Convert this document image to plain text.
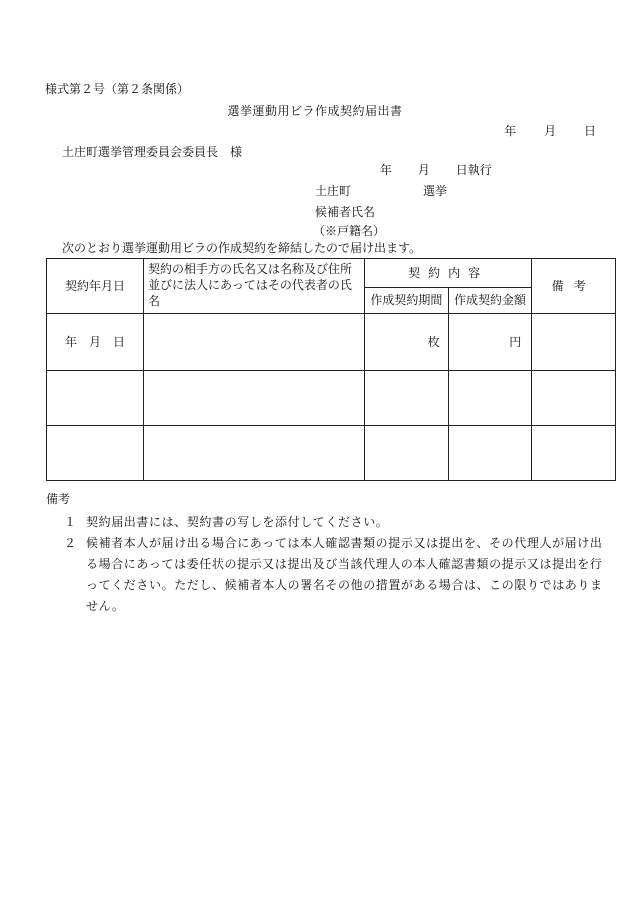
様式第２号（第２条関係）
選挙運動用ビラ作成契約届出書
年 月 日
土庄町選挙管理委員会委員長　様
年 月 日執行
土庄町	選挙
候補者氏名
（※戸籍名）
次のとおり選挙運動用ビラの作成契約を締結したので届け出ます。
契約年月日	契約の相手方の氏名又は名称及び住所並びに法人にあってはその代表者の氏名	契約内容		備考
		作成契約期間	作成契約金額	
年 月 日		枚	円	

備考
１ 契約届出書には、契約書の写しを添付してください。
２ 候補者本人が届け出る場合にあっては本人確認書類の提示又は提出を、その代理人が届け出る場合にあっては委任状の提示又は提出及び当該代理人の本人確認書類の提示又は提出を行ってください。ただし、候補者本人の署名その他の措置がある場合は、この限りではありません。
